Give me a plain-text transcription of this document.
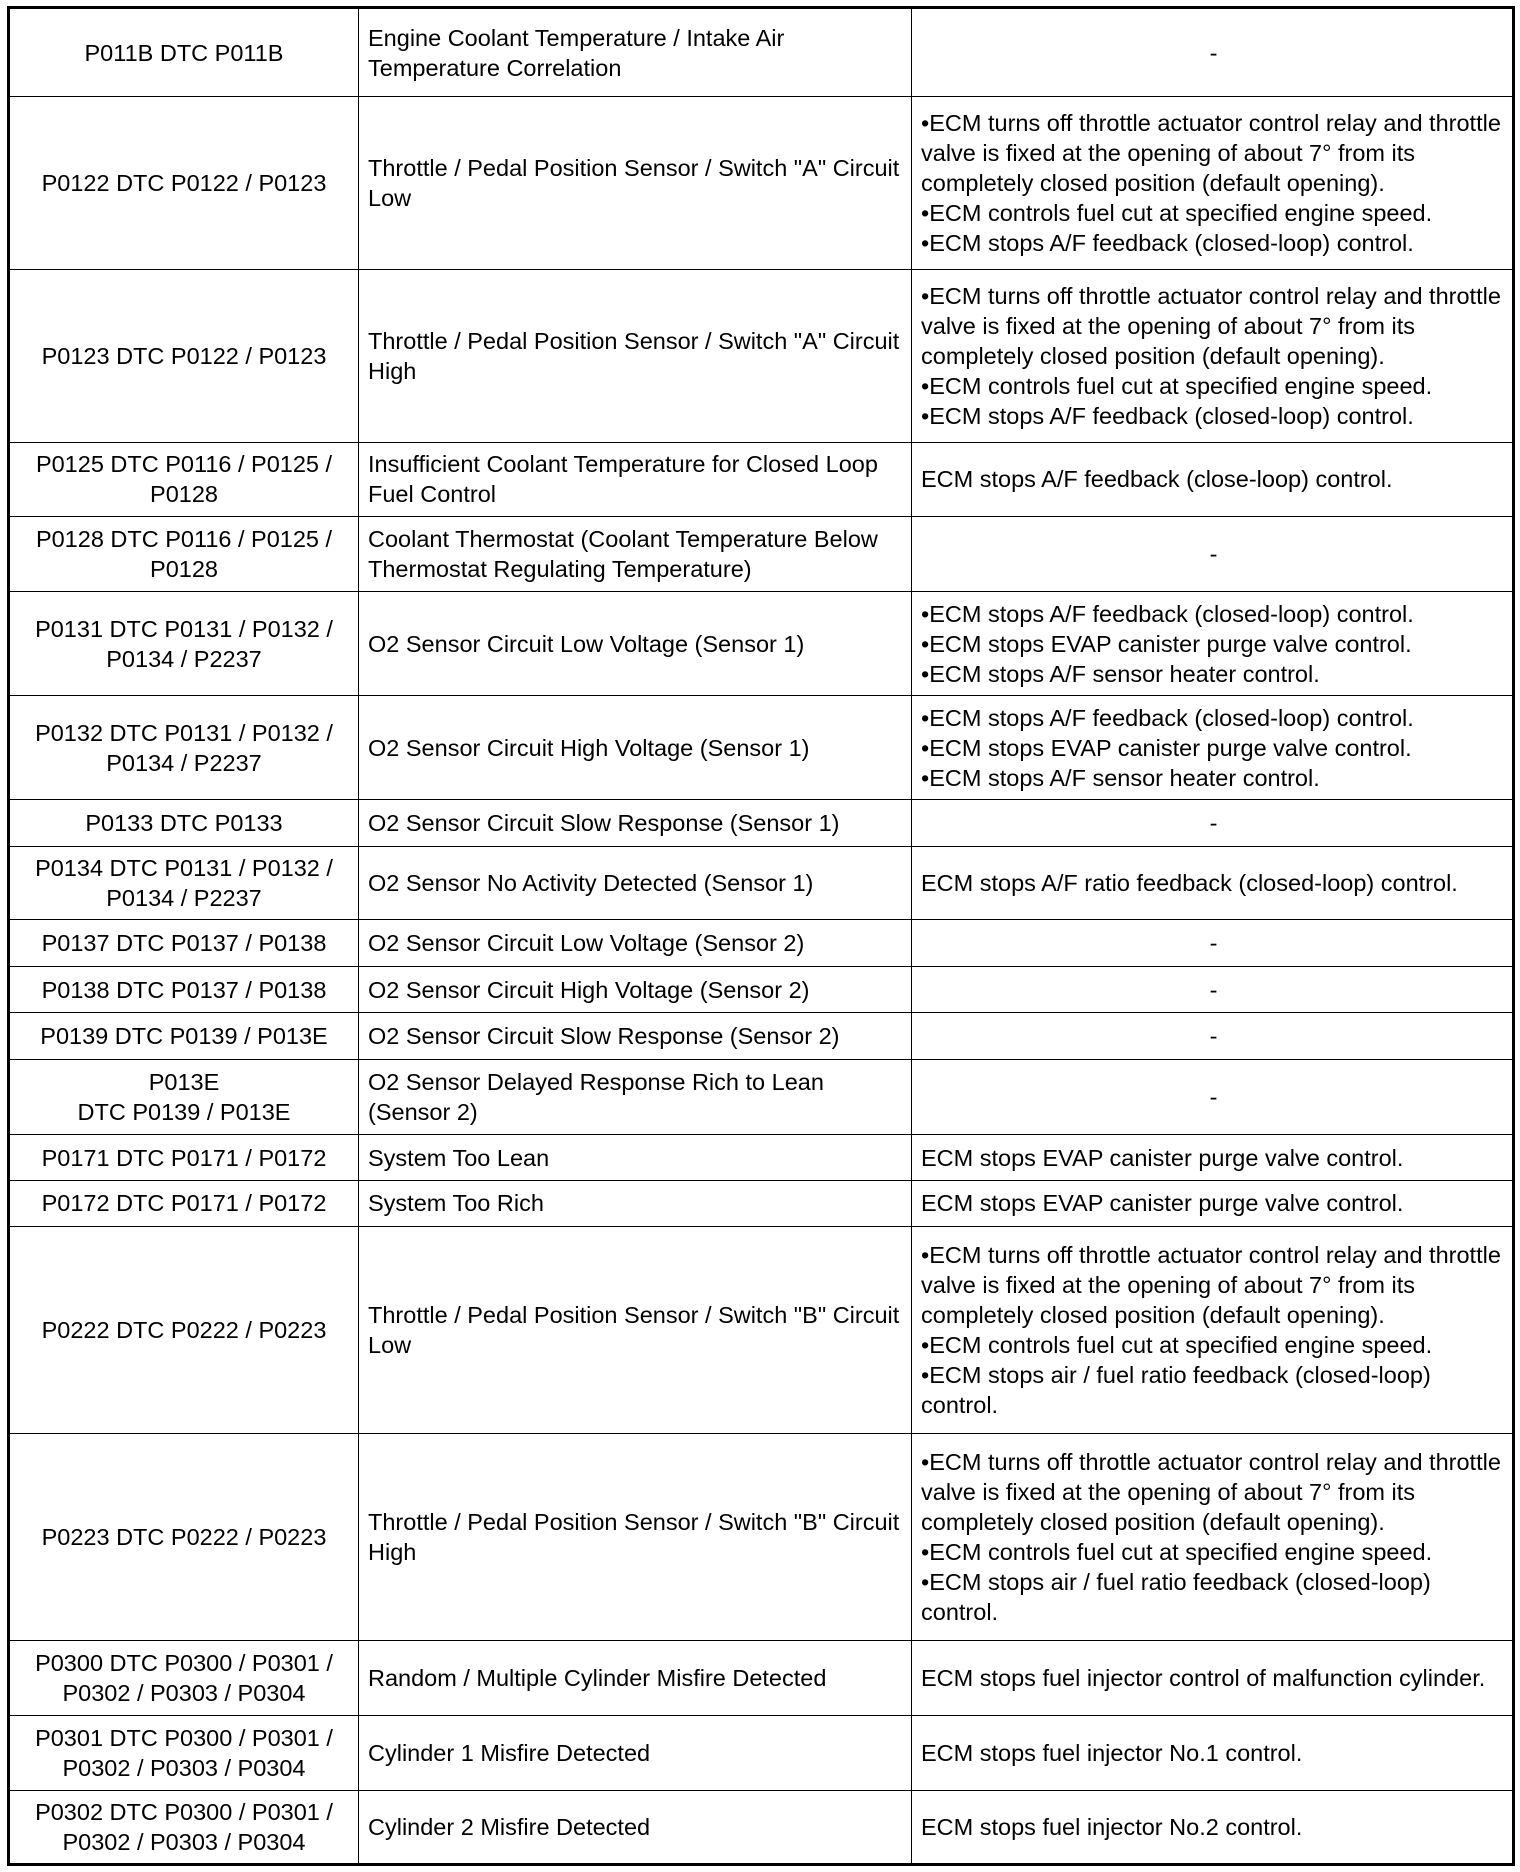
P011B DTC P011B	Engine Coolant Temperature / Intake Air Temperature Correlation	-

P0122 DTC P0122 / P0123	Throttle / Pedal Position Sensor / Switch "A" Circuit Low	•ECM turns off throttle actuator control relay and throttle valve is fixed at the opening of about 7° from its completely closed position (default opening).
•ECM controls fuel cut at specified engine speed.
•ECM stops A/F feedback (closed-loop) control.

P0123 DTC P0122 / P0123	Throttle / Pedal Position Sensor / Switch "A" Circuit High	•ECM turns off throttle actuator control relay and throttle valve is fixed at the opening of about 7° from its completely closed position (default opening).
•ECM controls fuel cut at specified engine speed.
•ECM stops A/F feedback (closed-loop) control.

P0125 DTC P0116 / P0125 / P0128	Insufficient Coolant Temperature for Closed Loop Fuel Control	ECM stops A/F feedback (close-loop) control.

P0128 DTC P0116 / P0125 / P0128	Coolant Thermostat (Coolant Temperature Below Thermostat Regulating Temperature)	-

P0131 DTC P0131 / P0132 / P0134 / P2237	O2 Sensor Circuit Low Voltage (Sensor 1)	•ECM stops A/F feedback (closed-loop) control.
•ECM stops EVAP canister purge valve control.
•ECM stops A/F sensor heater control.

P0132 DTC P0131 / P0132 / P0134 / P2237	O2 Sensor Circuit High Voltage (Sensor 1)	•ECM stops A/F feedback (closed-loop) control.
•ECM stops EVAP canister purge valve control.
•ECM stops A/F sensor heater control.

P0133 DTC P0133	O2 Sensor Circuit Slow Response (Sensor 1)	-

P0134 DTC P0131 / P0132 / P0134 / P2237	O2 Sensor No Activity Detected (Sensor 1)	ECM stops A/F ratio feedback (closed-loop) control.

P0137 DTC P0137 / P0138	O2 Sensor Circuit Low Voltage (Sensor 2)	-

P0138 DTC P0137 / P0138	O2 Sensor Circuit High Voltage (Sensor 2)	-

P0139 DTC P0139 / P013E	O2 Sensor Circuit Slow Response (Sensor 2)	-

P013E
DTC P0139 / P013E	O2 Sensor Delayed Response Rich to Lean (Sensor 2)	-

P0171 DTC P0171 / P0172	System Too Lean	ECM stops EVAP canister purge valve control.

P0172 DTC P0171 / P0172	System Too Rich	ECM stops EVAP canister purge valve control.

P0222 DTC P0222 / P0223	Throttle / Pedal Position Sensor / Switch "B" Circuit Low	•ECM turns off throttle actuator control relay and throttle valve is fixed at the opening of about 7° from its completely closed position (default opening).
•ECM controls fuel cut at specified engine speed.
•ECM stops air / fuel ratio feedback (closed-loop) control.

P0223 DTC P0222 / P0223	Throttle / Pedal Position Sensor / Switch "B" Circuit High	•ECM turns off throttle actuator control relay and throttle valve is fixed at the opening of about 7° from its completely closed position (default opening).
•ECM controls fuel cut at specified engine speed.
•ECM stops air / fuel ratio feedback (closed-loop) control.

P0300 DTC P0300 / P0301 / P0302 / P0303 / P0304	Random / Multiple Cylinder Misfire Detected	ECM stops fuel injector control of malfunction cylinder.

P0301 DTC P0300 / P0301 / P0302 / P0303 / P0304	Cylinder 1 Misfire Detected	ECM stops fuel injector No.1 control.

P0302 DTC P0300 / P0301 / P0302 / P0303 / P0304	Cylinder 2 Misfire Detected	ECM stops fuel injector No.2 control.
